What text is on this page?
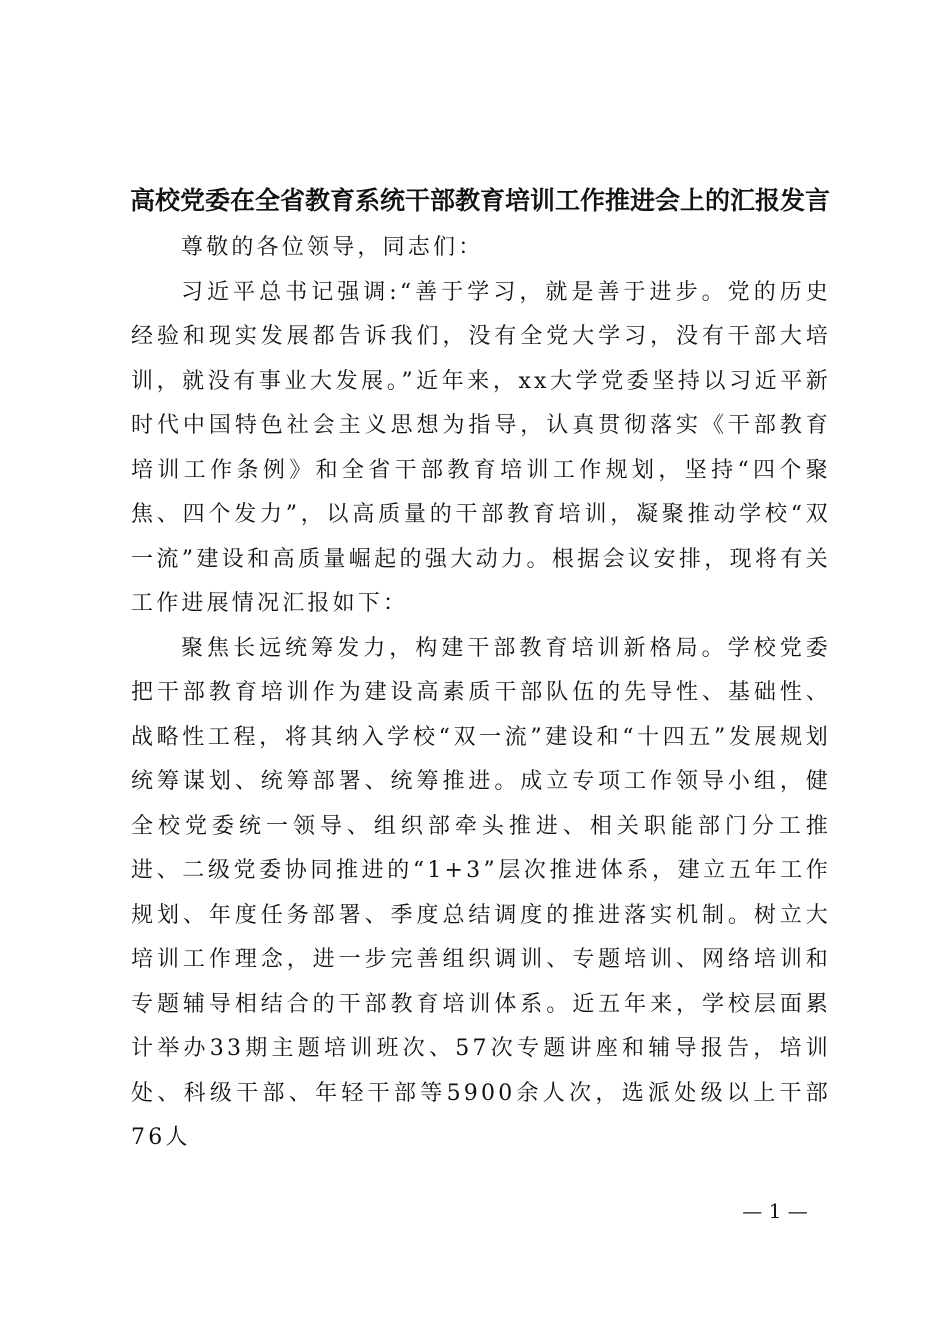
高校党委在全省教育系统干部教育培训工作推进会上的汇报发言

尊敬的各位领导，同志们：

习近平总书记强调:“善于学习，就是善于进步。党的历史经验和现实发展都告诉我们，没有全党大学习，没有干部大培训，就没有事业大发展。”近年来，xx大学党委坚持以习近平新时代中国特色社会主义思想为指导，认真贯彻落实《干部教育培训工作条例》和全省干部教育培训工作规划，坚持“四个聚焦、四个发力”，以高质量的干部教育培训，凝聚推动学校“双一流”建设和高质量崛起的强大动力。根据会议安排，现将有关工作进展情况汇报如下：

聚焦长远统筹发力，构建干部教育培训新格局。学校党委把干部教育培训作为建设高素质干部队伍的先导性、基础性、战略性工程，将其纳入学校“双一流”建设和“十四五”发展规划统筹谋划、统筹部署、统筹推进。成立专项工作领导小组，健全校党委统一领导、组织部牵头推进、相关职能部门分工推进、二级党委协同推进的“1+3”层次推进体系，建立五年工作规划、年度任务部署、季度总结调度的推进落实机制。树立大培训工作理念，进一步完善组织调训、专题培训、网络培训和专题辅导相结合的干部教育培训体系。近五年来，学校层面累计举办33期主题培训班次、57次专题讲座和辅导报告，培训处、科级干部、年轻干部等5900余人次，选派处级以上干部76人

— 1 —
